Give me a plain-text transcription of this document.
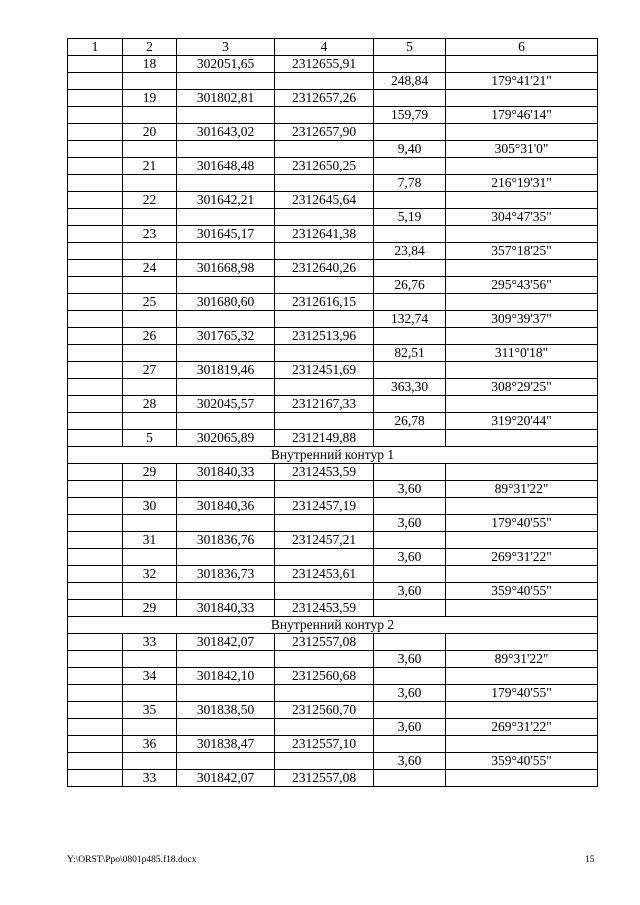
1	2	3	4	5	6
	18	302051,65	2312655,91		
				248,84	179°41'21"
	19	301802,81	2312657,26		
				159,79	179°46'14"
	20	301643,02	2312657,90		
				9,40	305°31'0"
	21	301648,48	2312650,25		
				7,78	216°19'31"
	22	301642,21	2312645,64		
				5,19	304°47'35"
	23	301645,17	2312641,38		
				23,84	357°18'25"
	24	301668,98	2312640,26		
				26,76	295°43'56"
	25	301680,60	2312616,15		
				132,74	309°39'37"
	26	301765,32	2312513,96		
				82,51	311°0'18"
	27	301819,46	2312451,69		
				363,30	308°29'25"
	28	302045,57	2312167,33		
				26,78	319°20'44"
	5	302065,89	2312149,88		
Внутренний контур 1					
	29	301840,33	2312453,59		
				3,60	89°31'22"
	30	301840,36	2312457,19		
				3,60	179°40'55"
	31	301836,76	2312457,21		
				3,60	269°31'22"
	32	301836,73	2312453,61		
				3,60	359°40'55"
	29	301840,33	2312453,59		
Внутренний контур 2					
	33	301842,07	2312557,08		
				3,60	89°31'22"
	34	301842,10	2312560,68		
				3,60	179°40'55"
	35	301838,50	2312560,70		
				3,60	269°31'22"
	36	301838,47	2312557,10		
				3,60	359°40'55"
	33	301842,07	2312557,08		
Y:\ORST\Ppo\0801p485.f18.docx	15
